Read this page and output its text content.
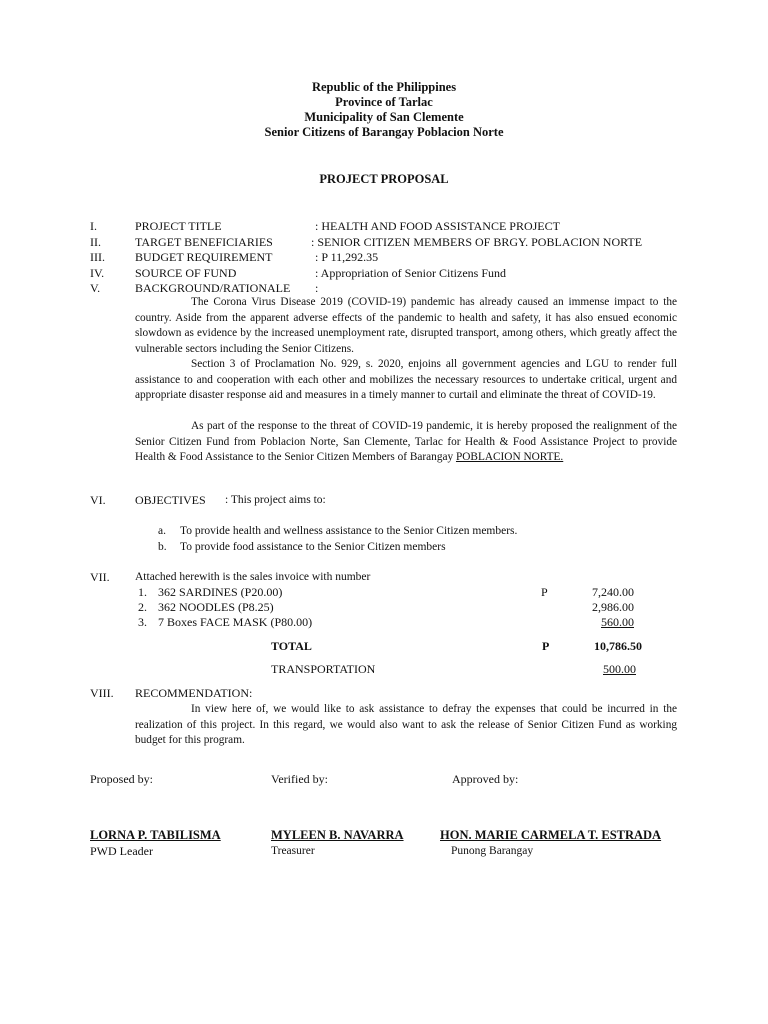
Republic of the Philippines
Province of Tarlac
Municipality of San Clemente
Senior Citizens of Barangay Poblacion Norte
PROJECT PROPOSAL
I.	PROJECT TITLE	: HEALTH AND FOOD ASSISTANCE PROJECT
II.	TARGET BENEFICIARIES	: SENIOR CITIZEN MEMBERS OF BRGY. POBLACION NORTE
III.	BUDGET REQUIREMENT	: P 11,292.35
IV.	SOURCE OF FUND	: Appropriation of Senior Citizens Fund
V.	BACKGROUND/RATIONALE :
The Corona Virus Disease 2019 (COVID-19) pandemic has already caused an immense impact to the country. Aside from the apparent adverse effects of the pandemic to health and safety, it has also ensued economic slowdown as evidence by the increased unemployment rate, disrupted transport, among others, which greatly affect the vulnerable sectors including the Senior Citizens.
Section 3 of Proclamation No. 929, s. 2020, enjoins all government agencies and LGU to render full assistance to and cooperation with each other and mobilizes the necessary resources to undertake critical, urgent and appropriate disaster response aid and measures in a timely manner to curtail and eliminate the threat of COVID-19.
As part of the response to the threat of COVID-19 pandemic, it is hereby proposed the realignment of the Senior Citizen Fund from Poblacion Norte, San Clemente, Tarlac for Health & Food Assistance Project to provide Health & Food Assistance to the Senior Citizen Members of Barangay POBLACION NORTE.
VI. OBJECTIVES : This project aims to:
a. To provide health and wellness assistance to the Senior Citizen members.
b. To provide food assistance to the Senior Citizen members
VII. Attached herewith is the sales invoice with number
1. 362 SARDINES (P20.00)	P	7,240.00
2. 362 NOODLES (P8.25)	2,986.00
3. 7 Boxes FACE MASK (P80.00)	560.00
TOTAL	P	10,786.50
TRANSPORTATION	500.00
VIII. RECOMMENDATION:
In view here of, we would like to ask assistance to defray the expenses that could be incurred in the realization of this project. In this regard, we would also want to ask the release of Senior Citizen Fund as working budget for this program.
Proposed by:	Verified by:	Approved by:
LORNA P. TABILISMA	MYLEEN B. NAVARRA	HON. MARIE CARMELA T. ESTRADA
PWD Leader	Treasurer	Punong Barangay
